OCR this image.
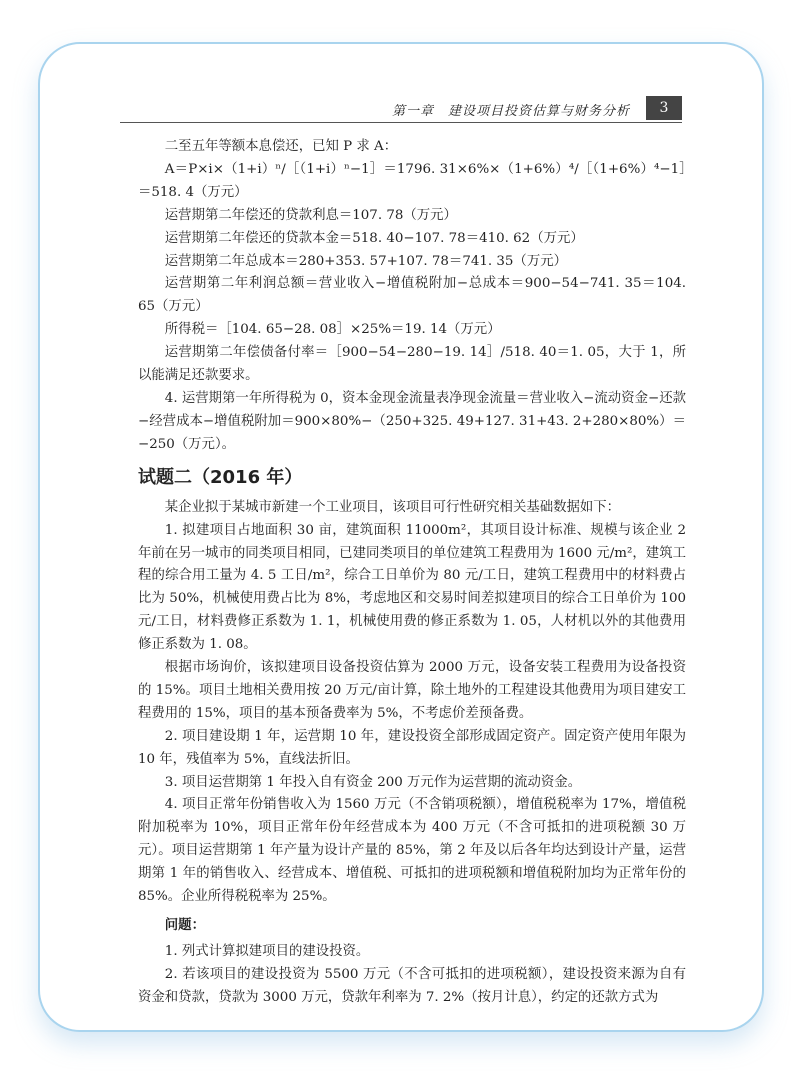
第一章　建设项目投资估算与财务分析	3

二至五年等额本息偿还，已知 P 求 A：

A＝P×i×（1+i）ⁿ/［（1+i）ⁿ−1］＝1796. 31×6%×（1+6%）⁴/［（1+6%）⁴−1］＝518. 4（万元）

运营期第二年偿还的贷款利息＝107. 78（万元）

运营期第二年偿还的贷款本金＝518. 40−107. 78＝410. 62（万元）

运营期第二年总成本＝280+353. 57+107. 78＝741. 35（万元）

运营期第二年利润总额＝营业收入−增值税附加−总成本＝900−54−741. 35＝104. 65（万元）

所得税＝［104. 65−28. 08］×25%＝19. 14（万元）

运营期第二年偿债备付率＝［900−54−280−19. 14］/518. 40＝1. 05，大于 1，所以能满足还款要求。

4. 运营期第一年所得税为 0，资本金现金流量表净现金流量＝营业收入−流动资金−还款−经营成本−增值税附加＝900×80%−（250+325. 49+127. 31+43. 2+280×80%）＝−250（万元）。

试题二（2016 年）

某企业拟于某城市新建一个工业项目，该项目可行性研究相关基础数据如下：

1. 拟建项目占地面积 30 亩，建筑面积 11000m²，其项目设计标准、规模与该企业 2 年前在另一城市的同类项目相同，已建同类项目的单位建筑工程费用为 1600 元/m²，建筑工程的综合用工量为 4. 5 工日/m²，综合工日单价为 80 元/工日，建筑工程费用中的材料费占比为 50%，机械使用费占比为 8%，考虑地区和交易时间差拟建项目的综合工日单价为 100 元/工日，材料费修正系数为 1. 1，机械使用费的修正系数为 1. 05，人材机以外的其他费用修正系数为 1. 08。

根据市场询价，该拟建项目设备投资估算为 2000 万元，设备安装工程费用为设备投资的 15%。项目土地相关费用按 20 万元/亩计算，除土地外的工程建设其他费用为项目建安工程费用的 15%，项目的基本预备费率为 5%，不考虑价差预备费。

2. 项目建设期 1 年，运营期 10 年，建设投资全部形成固定资产。固定资产使用年限为 10 年，残值率为 5%，直线法折旧。

3. 项目运营期第 1 年投入自有资金 200 万元作为运营期的流动资金。

4. 项目正常年份销售收入为 1560 万元（不含销项税额），增值税税率为 17%，增值税附加税率为 10%，项目正常年份年经营成本为 400 万元（不含可抵扣的进项税额 30 万元）。项目运营期第 1 年产量为设计产量的 85%，第 2 年及以后各年均达到设计产量，运营期第 1 年的销售收入、经营成本、增值税、可抵扣的进项税额和增值税附加均为正常年份的 85%。企业所得税税率为 25%。

问题：

1. 列式计算拟建项目的建设投资。

2. 若该项目的建设投资为 5500 万元（不含可抵扣的进项税额），建设投资来源为自有资金和贷款，贷款为 3000 万元，贷款年利率为 7. 2%（按月计息），约定的还款方式为
